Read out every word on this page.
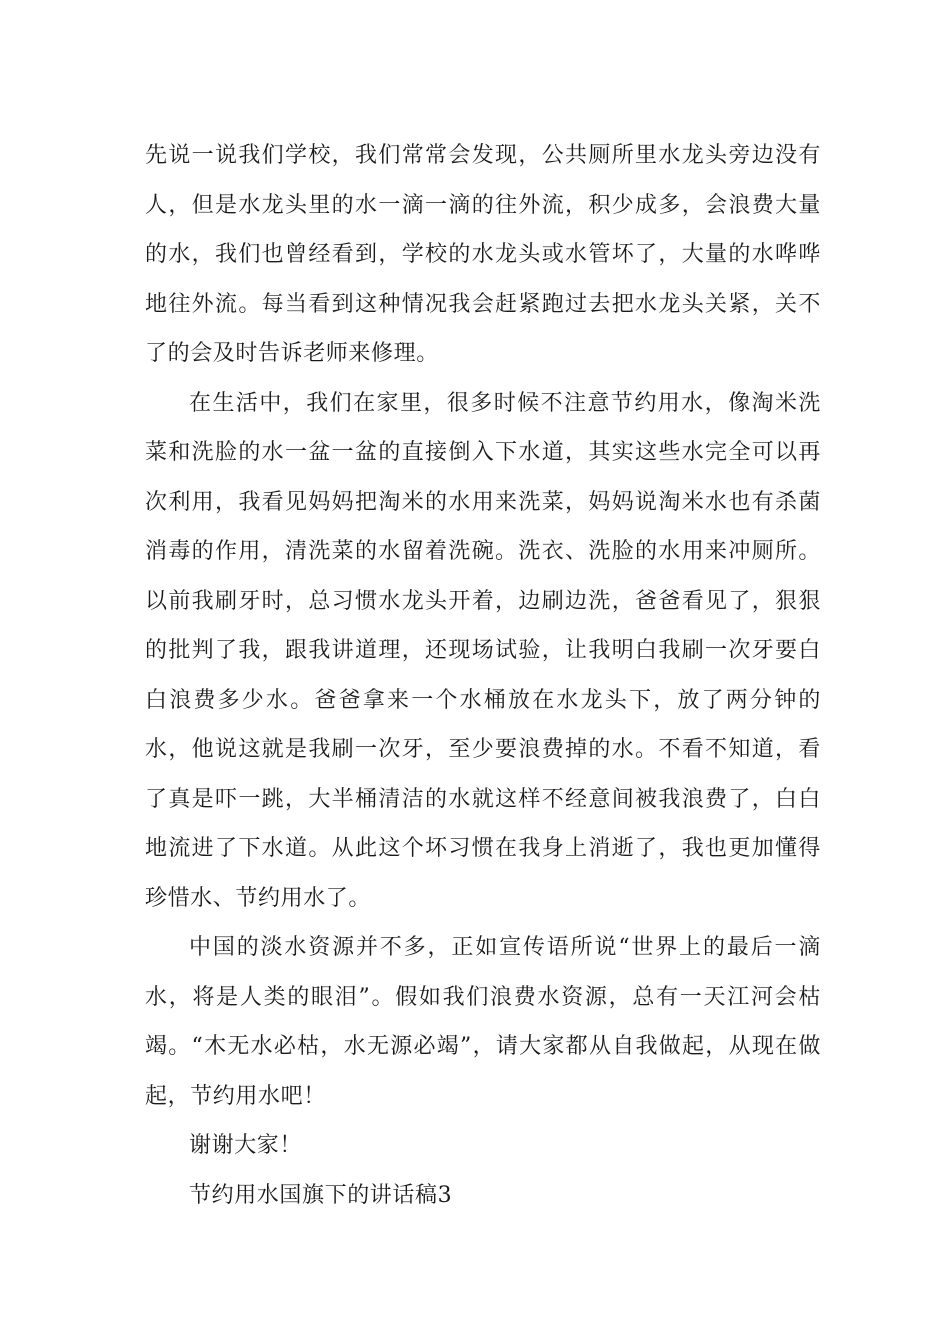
先说一说我们学校，我们常常会发现，公共厕所里水龙头旁边没有人，但是水龙头里的水一滴一滴的往外流，积少成多，会浪费大量的水，我们也曾经看到，学校的水龙头或水管坏了，大量的水哗哗地往外流。每当看到这种情况我会赶紧跑过去把水龙头关紧，关不了的会及时告诉老师来修理。

在生活中，我们在家里，很多时候不注意节约用水，像淘米洗菜和洗脸的水一盆一盆的直接倒入下水道，其实这些水完全可以再次利用，我看见妈妈把淘米的水用来洗菜，妈妈说淘米水也有杀菌消毒的作用，清洗菜的水留着洗碗。洗衣、洗脸的水用来冲厕所。以前我刷牙时，总习惯水龙头开着，边刷边洗，爸爸看见了，狠狠的批判了我，跟我讲道理，还现场试验，让我明白我刷一次牙要白白浪费多少水。爸爸拿来一个水桶放在水龙头下，放了两分钟的水，他说这就是我刷一次牙，至少要浪费掉的水。不看不知道，看了真是吓一跳，大半桶清洁的水就这样不经意间被我浪费了，白白地流进了下水道。从此这个坏习惯在我身上消逝了，我也更加懂得珍惜水、节约用水了。

中国的淡水资源并不多，正如宣传语所说“世界上的最后一滴水，将是人类的眼泪”。假如我们浪费水资源，总有一天江河会枯竭。“木无水必枯，水无源必竭”，请大家都从自我做起，从现在做起，节约用水吧！

谢谢大家！

节约用水国旗下的讲话稿3
